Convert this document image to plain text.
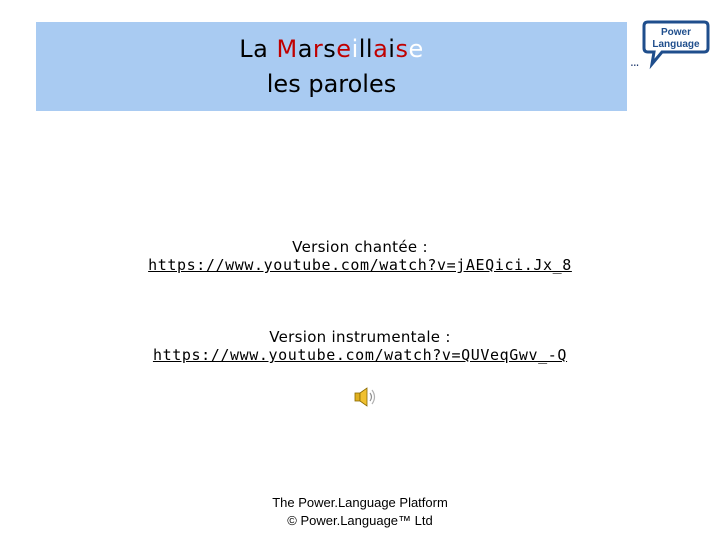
La Marseillaise
les paroles
Power
Language
...
Version chantée :
https://www.youtube.com/watch?v=jAEQici.Jx_8
Version instrumentale :
https://www.youtube.com/watch?v=QUVeqGwv_-Q
The Power.Language Platform
© Power.Language™ Ltd
